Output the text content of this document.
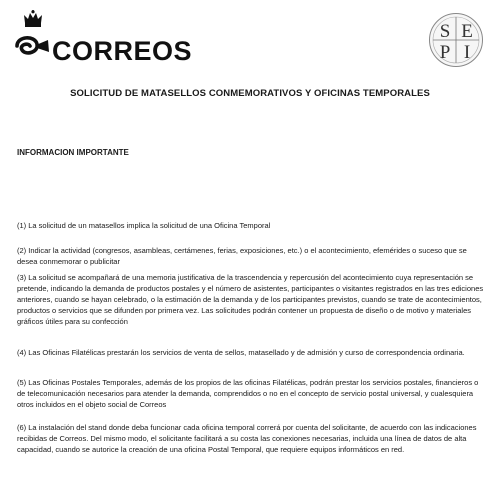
CORREOS
S E
P I
SOLICITUD DE MATASELLOS CONMEMORATIVOS Y OFICINAS TEMPORALES
INFORMACION IMPORTANTE

(1) La solicitud de un matasellos implica la solicitud de una Oficina Temporal

(2) Indicar la actividad (congresos, asambleas, certámenes, ferias, exposiciones, etc.) o el acontecimiento, efemérides o suceso que se desea conmemorar o publicitar

(3) La solicitud se acompañará de una memoria justificativa de la trascendencia y repercusión del acontecimiento cuya representación se pretende, indicando la demanda de productos postales y el número de asistentes, participantes o visitantes registrados en las tres ediciones anteriores, cuando se hayan celebrado, o la estimación de la demanda y de los participantes previstos, cuando se trate de acontecimientos, productos o servicios que se difunden por primera vez. Las solicitudes podrán contener un propuesta de diseño o de motivo y materiales gráficos útiles para su confección

(4) Las Oficinas Filatélicas prestarán los servicios de venta de sellos, matasellado y de admisión y curso de correspondencia ordinaria.

(5) Las Oficinas Postales Temporales, además de los propios de las oficinas Filatélicas, podrán prestar los servicios postales, financieros o de telecomunicación necesarios para atender la demanda, comprendidos o no en el concepto de servicio postal universal, y cualesquiera otros incluidos en el objeto social de Correos

(6) La instalación del stand donde deba funcionar cada oficina temporal correrá por cuenta del solicitante, de acuerdo con las indicaciones recibidas de Correos. Del mismo modo, el solicitante facilitará a su costa las conexiones necesarias, incluida una línea de datos de alta capacidad, cuando se autorice la creación de una oficina Postal Temporal, que requiere equipos informáticos en red.
